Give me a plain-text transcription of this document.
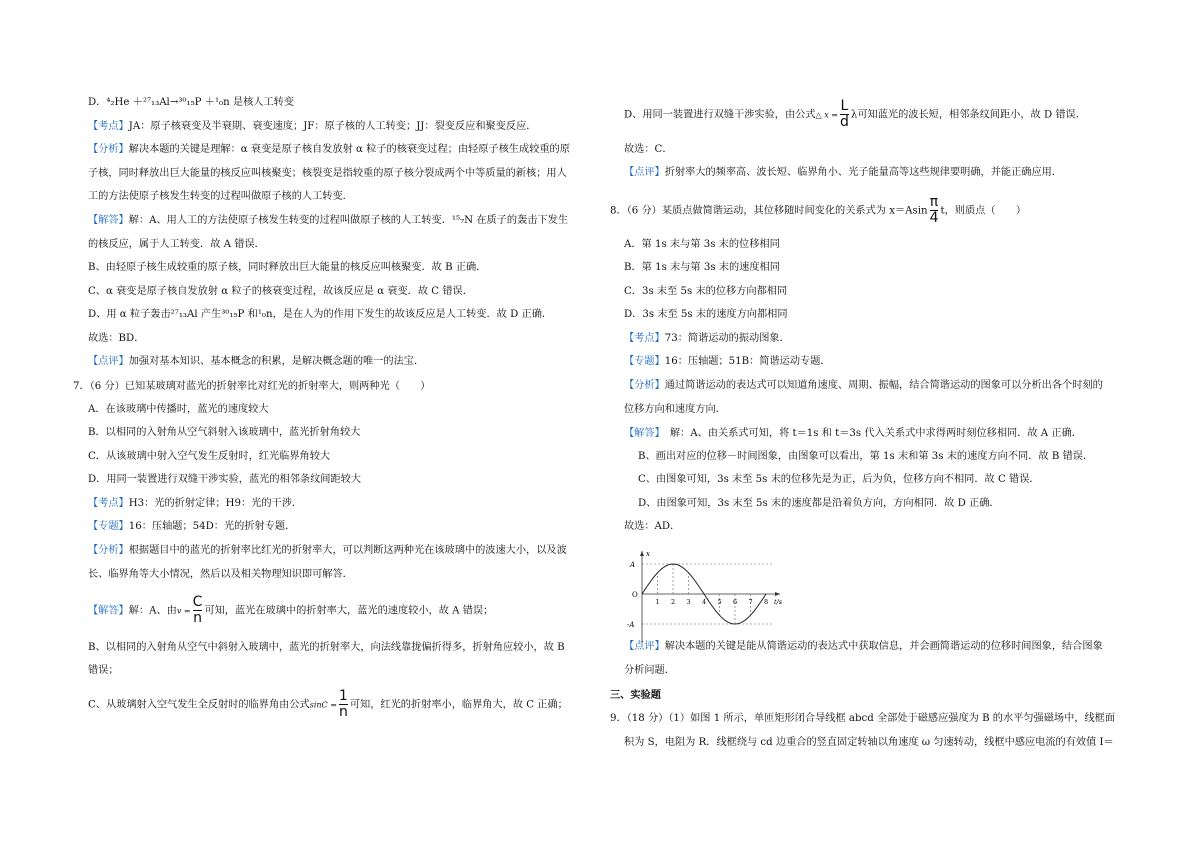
D．⁴₂He ＋²⁷₁₃Al→³⁰₁₅P ＋¹₀n 是核人工转变
【考点】JA：原子核衰变及半衰期、衰变速度；JF：原子核的人工转变；JJ：裂变反应和聚变反应．
【分析】解决本题的关键是理解：α 衰变是原子核自发放射 α 粒子的核衰变过程；由轻原子核生成较重的原
子核，同时释放出巨大能量的核反应叫核聚变；核裂变是指较重的原子核分裂成两个中等质量的新核；用人
工的方法使原子核发生转变的过程叫做原子核的人工转变．
【解答】解：A、用人工的方法使原子核发生转变的过程叫做原子核的人工转变．¹⁵₇N 在质子的轰击下发生
的核反应，属于人工转变．故 A 错误．
B、由轻原子核生成较重的原子核，同时释放出巨大能量的核反应叫核聚变．故 B 正确．
C、α 衰变是原子核自发放射 α 粒子的核衰变过程，故该反应是 α 衰变．故 C 错误．
D、用 α 粒子轰击²⁷₁₃Al 产生³⁰₁₅P 和¹₀n，是在人为的作用下发生的故该反应是人工转变．故 D 正确．
故选：BD．
【点评】加强对基本知识、基本概念的积累，是解决概念题的唯一的法宝．
7．（6 分）已知某玻璃对蓝光的折射率比对红光的折射率大，则两种光（　　）
A．在该玻璃中传播时，蓝光的速度较大
B．以相同的入射角从空气斜射入该玻璃中，蓝光折射角较大
C．从该玻璃中射入空气发生反射时，红光临界角较大
D．用同一装置进行双缝干涉实验，蓝光的相邻条纹间距较大
【考点】H3：光的折射定律；H9：光的干涉．
【专题】16：压轴题；54D：光的折射专题．
【分析】根据题目中的蓝光的折射率比红光的折射率大，可以判断这两种光在该玻璃中的波速大小，以及波
长、临界角等大小情况，然后以及相关物理知识即可解答．
【解答】解：A、由$v = \frac{C}{n}$ 可知，蓝光在玻璃中的折射率大，蓝光的速度较小，故 A 错误；
B、以相同的入射角从空气中斜射入玻璃中，蓝光的折射率大，向法线靠拢偏折得多，折射角应较小，故 B
错误；
C、从玻璃射入空气发生全反射时的临界角由公式$\sin C = \frac{1}{n}$ 可知，红光的折射率小，临界角大，故 C 正确；
D、用同一装置进行双缝干涉实验，由公式△ $x = \frac{L}{d}$ λ可知蓝光的波长短，相邻条纹间距小，故 D 错误．
故选：C．
【点评】折射率大的频率高、波长短、临界角小、光子能量高等这些规律要明确，并能正确应用．
8．（6 分）某质点做简谐运动，其位移随时间变化的关系式为 $x=Asin \frac{\pi}{4}$ t，则质点（　　）
A．第 1s 末与第 3s 末的位移相同
B．第 1s 末与第 3s 末的速度相同
C．3s 末至 5s 末的位移方向都相同
D．3s 末至 5s 末的速度方向都相同
【考点】73：简谐运动的振动图象．
【专题】16：压轴题；51B：简谐运动专题．
【分析】通过简谐运动的表达式可以知道角速度、周期、振幅，结合简谐运动的图象可以分析出各个时刻的
位移方向和速度方向．
【解答】　解：A、由关系式可知，将 t＝1s 和 t＝3s 代入关系式中求得两时刻位移相同．故 A 正确．
B、画出对应的位移－时间图象，由图象可以看出，第 1s 末和第 3s 末的速度方向不同．故 B 错误．
C、由图象可知，3s 末至 5s 末的位移先是为正，后为负，位移方向不相同．故 C 错误．
D、由图象可知，3s 末至 5s 末的速度都是沿着负方向，方向相同．故 D 正确．
故选：AD．
【点评】解决本题的关键是能从简谐运动的表达式中获取信息，并会画简谐运动的位移时间图象，结合图象
分析问题．
三、实验题
9．（18 分）（1）如图 1 所示，单匝矩形闭合导线框 abcd 全部处于磁感应强度为 B 的水平匀强磁场中，线框面
积为 S，电阻为 R．线框绕与 cd 边重合的竖直固定转轴以角速度 ω 匀速转动，线框中感应电流的有效值 I＝
x
t/s
A
-A
O
1 2 3 4 5 6 7 8
